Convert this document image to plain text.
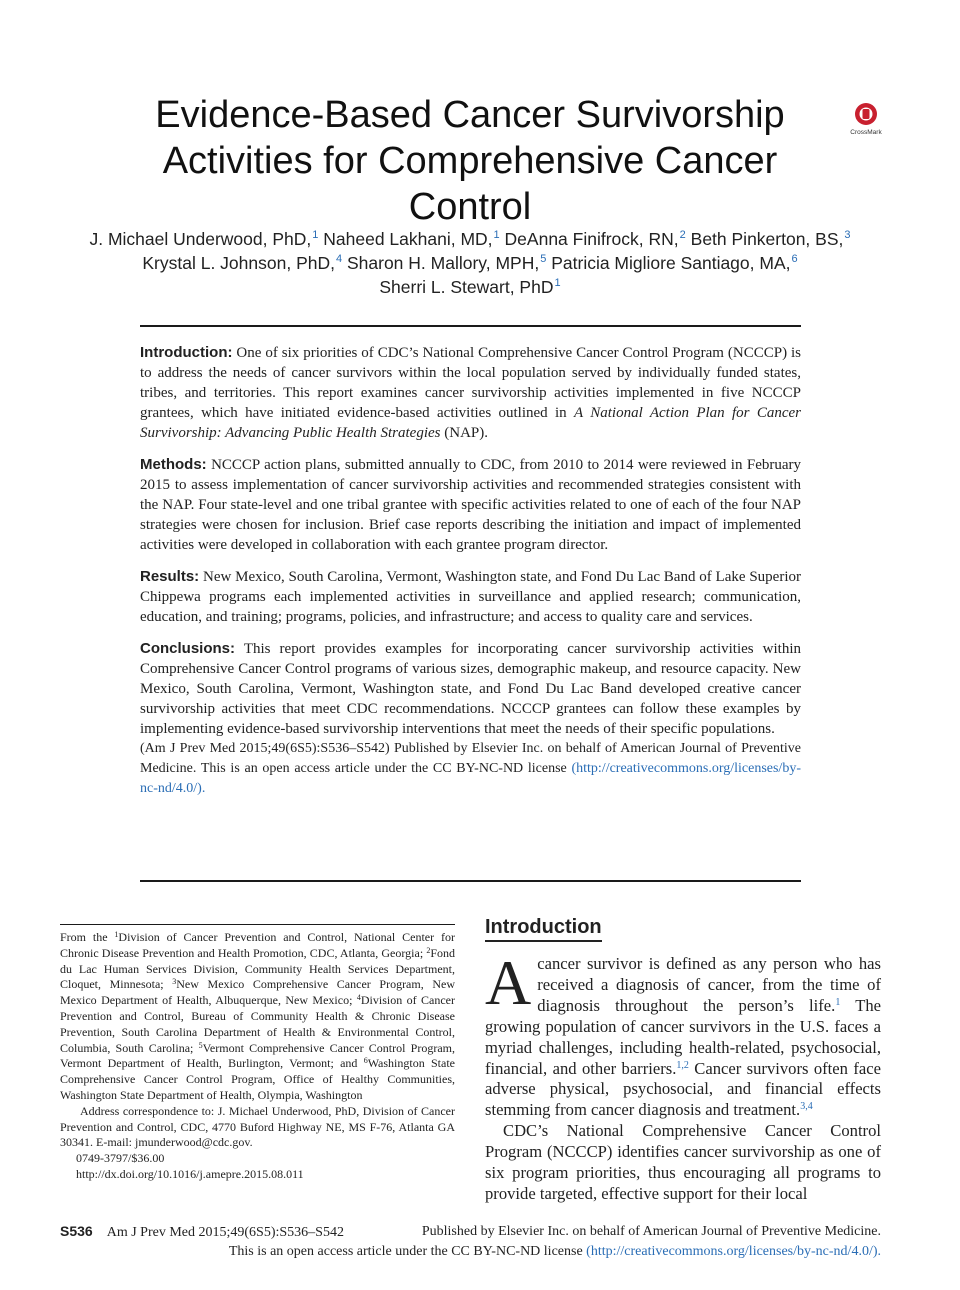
Evidence-Based Cancer Survivorship Activities for Comprehensive Cancer Control
CrossMark
J. Michael Underwood, PhD,$^1$ Naheed Lakhani, MD,$^1$ DeAnna Finifrock, RN,$^2$ Beth Pinkerton, BS,$^3$
Krystal L. Johnson, PhD,$^4$ Sharon H. Mallory, MPH,$^5$ Patricia Migliore Santiago, MA,$^6$
Sherri L. Stewart, PhD$^1$

Introduction: One of six priorities of CDC’s National Comprehensive Cancer Control Program (NCCCP) is to address the needs of cancer survivors within the local population served by individually funded states, tribes, and territories. This report examines cancer survivorship activities implemented in five NCCCP grantees, which have initiated evidence-based activities outlined in A National Action Plan for Cancer Survivorship: Advancing Public Health Strategies (NAP).

Methods: NCCCP action plans, submitted annually to CDC, from 2010 to 2014 were reviewed in February 2015 to assess implementation of cancer survivorship activities and recommended strategies consistent with the NAP. Four state-level and one tribal grantee with specific activities related to one of each of the four NAP strategies were chosen for inclusion. Brief case reports describing the initiation and impact of implemented activities were developed in collaboration with each grantee program director.

Results: New Mexico, South Carolina, Vermont, Washington state, and Fond Du Lac Band of Lake Superior Chippewa programs each implemented activities in surveillance and applied research; communication, education, and training; programs, policies, and infrastructure; and access to quality care and services.

Conclusions: This report provides examples for incorporating cancer survivorship activities within Comprehensive Cancer Control programs of various sizes, demographic makeup, and resource capacity. New Mexico, South Carolina, Vermont, Washington state, and Fond Du Lac Band developed creative cancer survivorship activities that meet CDC recommendations. NCCCP grantees can follow these examples by implementing evidence-based survivorship interventions that meet the needs of their specific populations.

(Am J Prev Med 2015;49(6S5):S536–S542) Published by Elsevier Inc. on behalf of American Journal of Preventive Medicine. This is an open access article under the CC BY-NC-ND license (http://creativecommons.org/licenses/by-nc-nd/4.0/).

From the $^1$Division of Cancer Prevention and Control, National Center for Chronic Disease Prevention and Health Promotion, CDC, Atlanta, Georgia; $^2$Fond du Lac Human Services Division, Community Health Services Department, Cloquet, Minnesota; $^3$New Mexico Comprehensive Cancer Program, New Mexico Department of Health, Albuquerque, New Mexico; $^4$Division of Cancer Prevention and Control, Bureau of Community Health & Chronic Disease Prevention, South Carolina Department of Health & Environmental Control, Columbia, South Carolina; $^5$Vermont Comprehensive Cancer Control Program, Vermont Department of Health, Burlington, Vermont; and $^6$Washington State Comprehensive Cancer Control Program, Office of Healthy Communities, Washington State Department of Health, Olympia, Washington

Address correspondence to: J. Michael Underwood, PhD, Division of Cancer Prevention and Control, CDC, 4770 Buford Highway NE, MS F-76, Atlanta GA 30341. E-mail: jmunderwood@cdc.gov.

0749-3797/$36.00

http://dx.doi.org/10.1016/j.amepre.2015.08.011

Introduction

Acancer survivor is defined as any person who has received a diagnosis of cancer, from the time of diagnosis throughout the person’s life.$^1$ The growing population of cancer survivors in the U.S. faces a myriad challenges, including health-related, psychosocial, financial, and other barriers.$^{1,2}$ Cancer survivors often face adverse physical, psychosocial, and financial effects stemming from cancer diagnosis and treatment.$^{3,4}$

CDC’s National Comprehensive Cancer Control Program (NCCCP) identifies cancer survivorship as one of six program priorities, thus encouraging all programs to provide targeted, effective support for their local

S536 Am J Prev Med 2015;49(6S5):S536–S542	Published by Elsevier Inc. on behalf of American Journal of Preventive Medicine.
This is an open access article under the CC BY-NC-ND license (http://creativecommons.org/licenses/by-nc-nd/4.0/).
